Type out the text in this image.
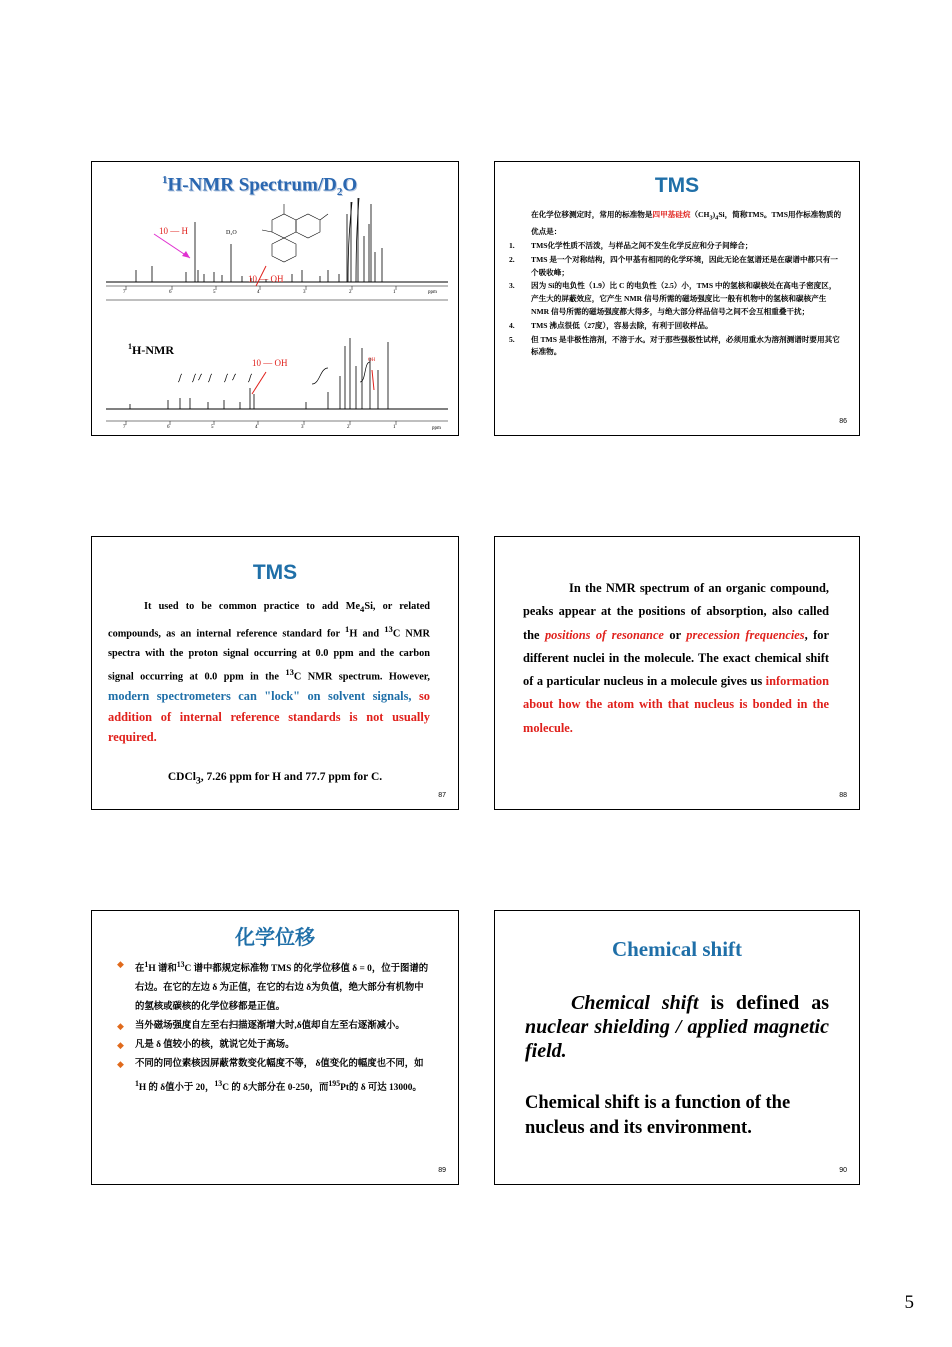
$^1$H-NMR Spectrum/$D_2O$
10 — H	D₂O
10 — OH
ppm
$^1$H-NMR
10 — OH	OH
ppm
7	6	5	4	3	2	1
7	6	5	4	3	2	1
TMS
在化学位移测定时，常用的标准物是四甲基硅烷$(CH_3)_4Si$，简称TMS。TMS用作标准物质的优点是：
1. TMS化学性质不活泼，与样品之间不发生化学反应和分子间缔合；
2. TMS 是一个对称结构，四个甲基有相同的化学环境，因此无论在氢谱还是在碳谱中都只有一个吸收峰；
3. 因为 Si的电负性（1.9）比 C 的电负性（2.5）小，TMS 中的氢核和碳核处在高电子密度区，产生大的屏蔽效应，它产生 NMR 信号所需的磁场强度比一般有机物中的氢核和碳核产生 NMR 信号所需的磁场强度都大得多，与绝大部分样品信号之间不会互相重叠干扰；
4. TMS 沸点很低（27度），容易去除，有利于回收样品。
5. 但 TMS 是非极性溶剂，不溶于水。对于那些强极性试样，必须用重水为溶剂测谱时要用其它标准物。
86
TMS
It used to be common practice to add $Me_4Si$, or related compounds, as an internal reference standard for $^1$H and $^{13}$C NMR spectra with the proton signal occurring at 0.0 ppm and the carbon signal occurring at 0.0 ppm in the $^{13}$C NMR spectrum. However, modern spectrometers can "lock" on solvent signals, so addition of internal reference standards is not usually required.
CDCl$_3$, 7.26 ppm for H and 77.7 ppm for C.
87
In the NMR spectrum of an organic compound, peaks appear at the positions of absorption, also called the positions of resonance or precession frequencies, for different nuclei in the molecule. The exact chemical shift of a particular nucleus in a molecule gives us information about how the atom with that nucleus is bonded in the molecule.
88
化学位移
◆
在$^1$H 谱和$^{13}$C 谱中都规定标准物 TMS 的化学位移值 δ = 0，位于图谱的右边。在它的左边 δ 为正值，在它的右边 δ为负值，绝大部分有机物中的氢核或碳核的化学位移都是正值。
◆ 当外磁场强度自左至右扫描逐渐增大时,δ值却自左至右逐渐减小。
◆ 凡是 δ 值较小的核，就说它处于高场。
◆ 不同的同位素核因屏蔽常数变化幅度不等， δ值变化的幅度也不同，如$^1$H 的 δ值小于 20，$^{13}$C 的 δ大部分在 0-250，而$^{195}$Pt的 δ 可达 13000。
89
Chemical shift
Chemical shift is defined as nuclear shielding / applied magnetic field.
Chemical shift is a function of the nucleus and its environment.
90
5
